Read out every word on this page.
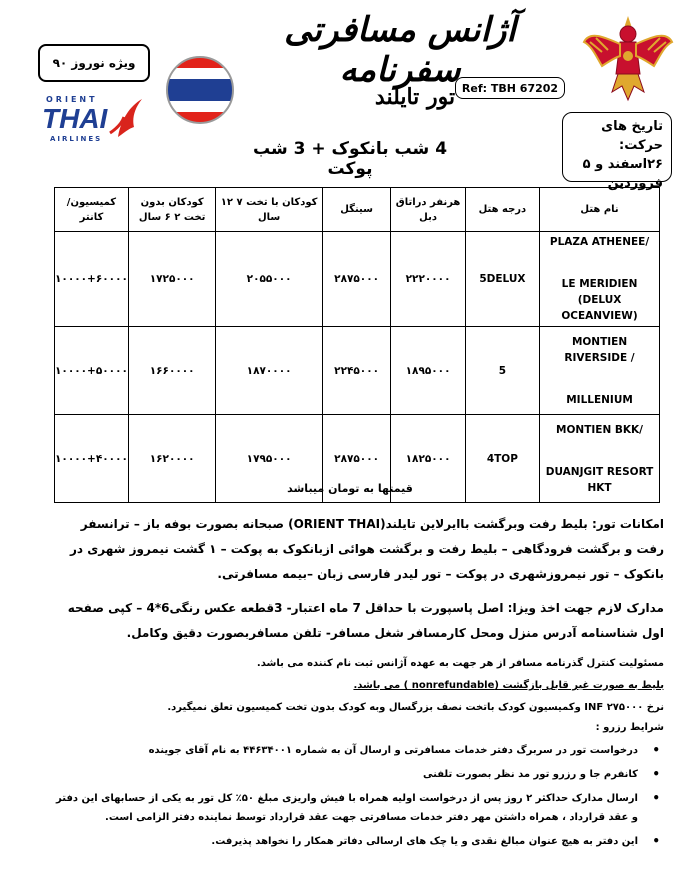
آژانس مسافرتی سفرنامه
تور تایلند Ref: TBH 67202
تاریخ های حرکت:
۲۶اسفند و ۵ فروردین
ویژه نوروز ۹۰
ORIENT
THAI
AIRLINES	4 شب بانکوک + 3 شب پوکت
نام هتل	درجه هتل	هرنفر دراتاق دبل	سینگل	کودکان با تخت ۷ ۱۲ سال	کودکان بدون تخت ۲ ۶ سال	کمیسیون/کانتر

PLAZA ATHENEE/
LE MERIDIEN (DELUX OCEANVIEW)	5DELUX	۲۲۲۰۰۰۰	۲۸۷۵۰۰۰	۲۰۵۵۰۰۰	۱۷۲۵۰۰۰	۱۰۰۰۰+۶۰۰۰۰

MONTIEN RIVERSIDE /
MILLENIUM	5	۱۸۹۵۰۰۰	۲۲۴۵۰۰۰	۱۸۷۰۰۰۰	۱۶۶۰۰۰۰	۱۰۰۰۰+۵۰۰۰۰

MONTIEN BKK/
DUANJGIT RESORT HKT	4TOP	۱۸۲۵۰۰۰	۲۸۷۵۰۰۰	۱۷۹۵۰۰۰	۱۶۲۰۰۰۰	۱۰۰۰۰+۴۰۰۰۰
قیمتها به تومان میباشد
امکانات تور: بلیط رفت وبرگشت باایرلاین تایلند(ORIENT THAI) صبحانه بصورت بوفه باز – ترانسفر رفت و برگشت فرودگاهی – بلیط رفت و برگشت هوائی ازبانکوک به پوکت – ۱ گشت نیمروز شهری در بانکوک – تور نیمروزشهری در پوکت – تور لیدر فارسی زبان –بیمه مسافرتی.
مدارک لازم جهت اخذ ویزا: اصل پاسپورت با حداقل 7 ماه اعتبار- 3قطعه عکس رنگی6*4 – کپی صفحه اول شناسنامه آدرس منزل ومحل کارمسافر شغل مسافر- تلفن مسافربصورت دقیق وکامل.
مسئولیت کنترل گذرنامه مسافر از هر جهت به عهده آژانس ثبت نام کننده می باشد.
بلیط به صورت غیر قابل بازگشت (nonrefundable ) می باشد.
نرخ INF ۲۷۵۰۰۰ وکمیسیون کودک باتخت نصف بزرگسال وبه کودک بدون تخت کمیسیون تعلق نمیگیرد.
شرایط رزرو :
•
درخواست تور در سربرگ دفتر خدمات مسافرتی و ارسال آن به شماره ۴۴۶۳۴۰۰۱ به نام آقای جوینده
•
کانفرم جا و رزرو تور مد نظر بصورت تلفنی
•
ارسال مدارک حداکثر ۲ روز پس از درخواست اولیه همراه با فیش واریزی مبلغ ۵۰٪ کل تور به یکی از حسابهای این دفتر و عقد قرارداد ، همراه داشتن مهر دفتر خدمات مسافرتی جهت عقد قرارداد توسط نماینده دفتر الزامی است.
•
این دفتر به هیچ عنوان مبالغ نقدی و یا چک های ارسالی دفاتر همکار را نخواهد پذیرفت.
